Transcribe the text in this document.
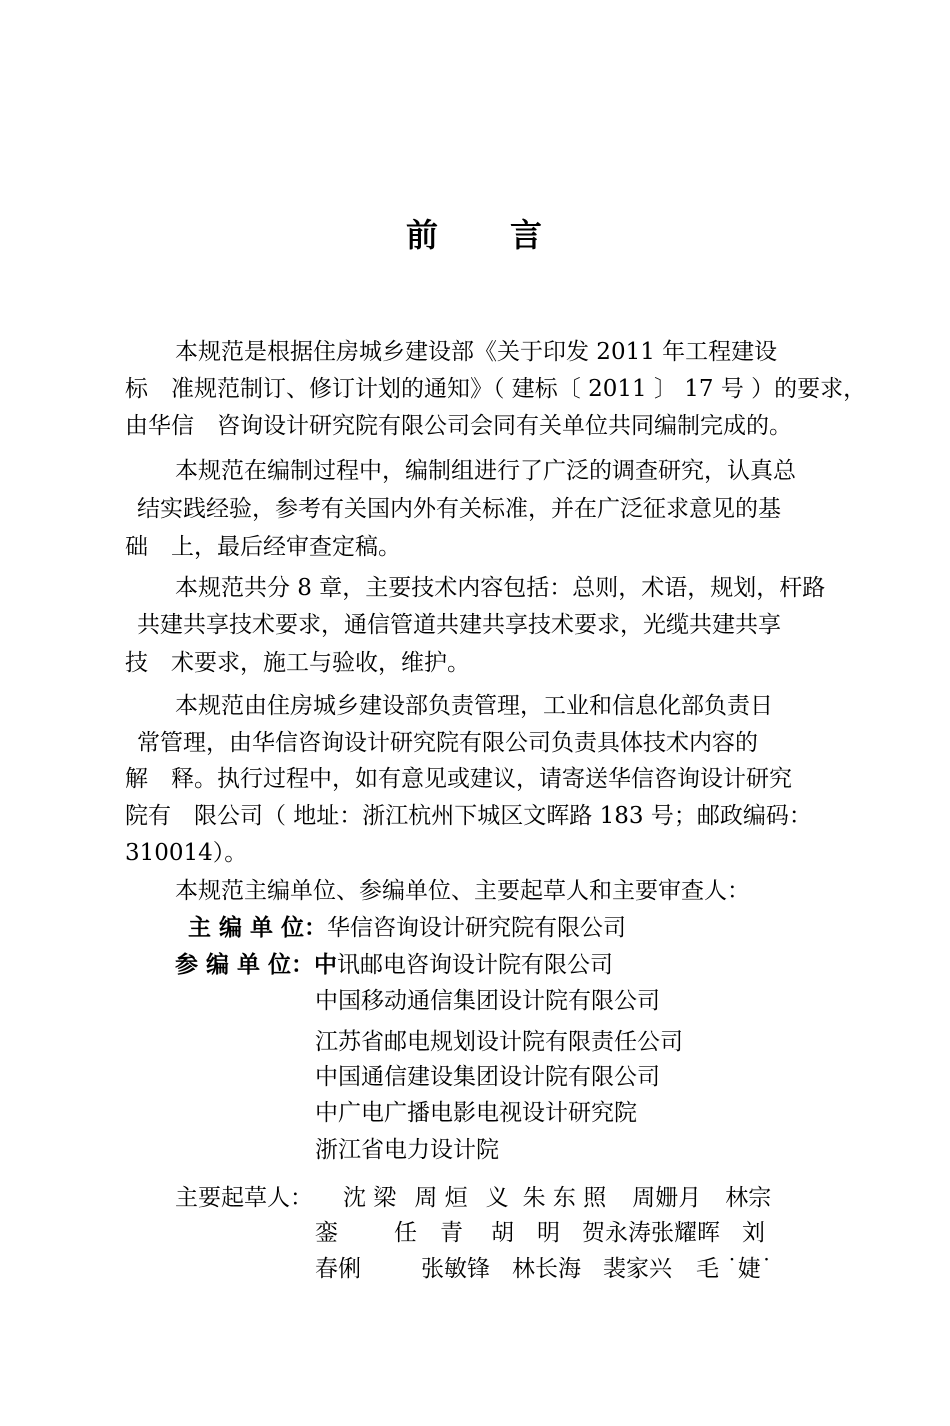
前 言
本规范是根据住房城乡建设部《关于印发 2011 年工程建设
标　准规范制订、修订计划的通知》（ 建标〔 2011 〕 17 号 ）的要求，
由华信　咨询设计研究院有限公司会同有关单位共同编制完成的。
本规范在编制过程中，编制组进行了广泛的调查研究，认真总
结实践经验，参考有关国内外有关标准，并在广泛征求意见的基
础　上，最后经审查定稿。
本规范共分 8 章，主要技术内容包括：总则，术语，规划，杆路
共建共享技术要求，通信管道共建共享技术要求，光缆共建共享
技　术要求，施工与验收，维护。
本规范由住房城乡建设部负责管理，工业和信息化部负责日
常管理，由华信咨询设计研究院有限公司负责具体技术内容的
解　释。执行过程中，如有意见或建议，请寄送华信咨询设计研究
院有　限公司（ 地址：浙江杭州下城区文晖路 183 号；邮政编码：
310014）。
本规范主编单位、参编单位、主要起草人和主要审查人：
主 编 单 位：华信咨询设计研究院有限公司
参 编 单 位：中讯邮电咨询设计院有限公司
中国移动通信集团设计院有限公司
江苏省邮电规划设计院有限责任公司
中国通信建设集团设计院有限公司
中广电广播电影电视设计研究院
浙江省电力设计院
主要起草人： 沈 梁 周 烜 义 朱 东 照 周姗月 林宗
銮 任　青 胡　明 贺永涛张耀晖 刘
春俐	张敏锋 林长海 裴家兴 毛 ˙婕˙
